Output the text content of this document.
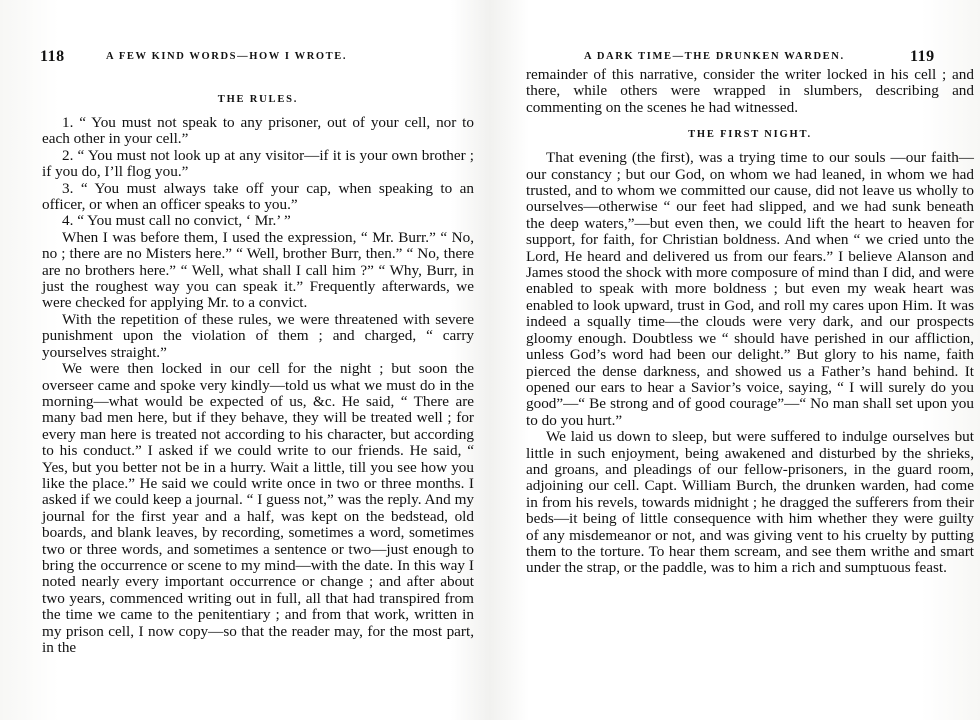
118	A FEW KIND WORDS—HOW I WROTE.
THE RULES.

1. “ You must not speak to any prisoner, out of your cell, nor to each other in your cell.”

2. “ You must not look up at any visitor—if it is your own brother ; if you do, I’ll flog you.”

3. “ You must always take off your cap, when speaking to an officer, or when an officer speaks to you.”

4. “ You must call no convict, ‘ Mr.’ ”

When I was before them, I used the expression, “ Mr. Burr.” “ No, no ; there are no Misters here.” “ Well, brother Burr, then.” “ No, there are no brothers here.” “ Well, what shall I call him ?” “ Why, Burr, in just the roughest way you can speak it.” Frequently afterwards, we were checked for applying Mr. to a convict.

With the repetition of these rules, we were threatened with severe punishment upon the violation of them ; and charged, “ carry yourselves straight.”

We were then locked in our cell for the night ; but soon the overseer came and spoke very kindly—told us what we must do in the morning—what would be expected of us, &c. He said, “ There are many bad men here, but if they behave, they will be treated well ; for every man here is treated not according to his character, but according to his conduct.” I asked if we could write to our friends. He said, “ Yes, but you better not be in a hurry. Wait a little, till you see how you like the place.” He said we could write once in two or three months. I asked if we could keep a journal. “ I guess not,” was the reply. And my journal for the first year and a half, was kept on the bedstead, old boards, and blank leaves, by recording, sometimes a word, sometimes two or three words, and sometimes a sentence or two—just enough to bring the occurrence or scene to my mind—with the date. In this way I noted nearly every important occurrence or change ; and after about two years, commenced writing out in full, all that had transpired from the time we came to the penitentiary ; and from that work, written in my prison cell, I now copy—so that the reader may, for the most part, in the

A DARK TIME—THE DRUNKEN WARDEN.	119

remainder of this narrative, consider the writer locked in his cell ; and there, while others were wrapped in slumbers, describing and commenting on the scenes he had witnessed.

THE FIRST NIGHT.

That evening (the first), was a trying time to our souls —our faith—our constancy ; but our God, on whom we had leaned, in whom we had trusted, and to whom we committed our cause, did not leave us wholly to ourselves—otherwise “ our feet had slipped, and we had sunk beneath the deep waters,”—but even then, we could lift the heart to heaven for support, for faith, for Christian boldness. And when “ we cried unto the Lord, He heard and delivered us from our fears.” I believe Alanson and James stood the shock with more composure of mind than I did, and were enabled to speak with more boldness ; but even my weak heart was enabled to look upward, trust in God, and roll my cares upon Him. It was indeed a squally time—the clouds were very dark, and our prospects gloomy enough. Doubtless we “ should have perished in our affliction, unless God’s word had been our delight.” But glory to his name, faith pierced the dense darkness, and showed us a Father’s hand behind. It opened our ears to hear a Savior’s voice, saying, “ I will surely do you good”—“ Be strong and of good courage”—“ No man shall set upon you to do you hurt.”

We laid us down to sleep, but were suffered to indulge ourselves but little in such enjoyment, being awakened and disturbed by the shrieks, and groans, and pleadings of our fellow-prisoners, in the guard room, adjoining our cell. Capt. William Burch, the drunken warden, had come in from his revels, towards midnight ; he dragged the sufferers from their beds—it being of little consequence with him whether they were guilty of any misdemeanor or not, and was giving vent to his cruelty by putting them to the torture. To hear them scream, and see them writhe and smart under the strap, or the paddle, was to him a rich and sumptuous feast.
